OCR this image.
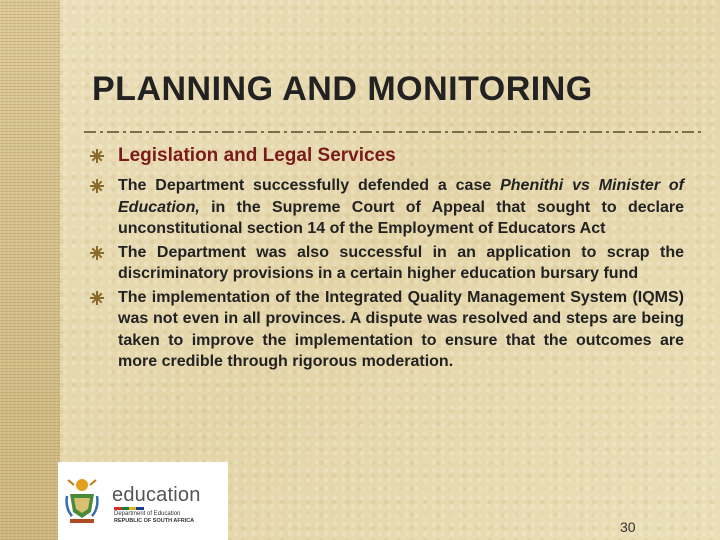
PLANNING AND MONITORING
Legislation and Legal Services
The Department successfully defended a case Phenithi vs Minister of Education, in the Supreme Court of Appeal that sought to declare unconstitutional section 14 of the Employment of Educators Act
The Department was also successful in an application to scrap the discriminatory provisions in a certain higher education bursary fund
The implementation of the Integrated Quality Management System (IQMS) was not even in all provinces. A dispute was resolved and steps are being taken to improve the implementation to ensure that the outcomes are more credible through rigorous moderation.
education
Department of Education
REPUBLIC OF SOUTH AFRICA	30
